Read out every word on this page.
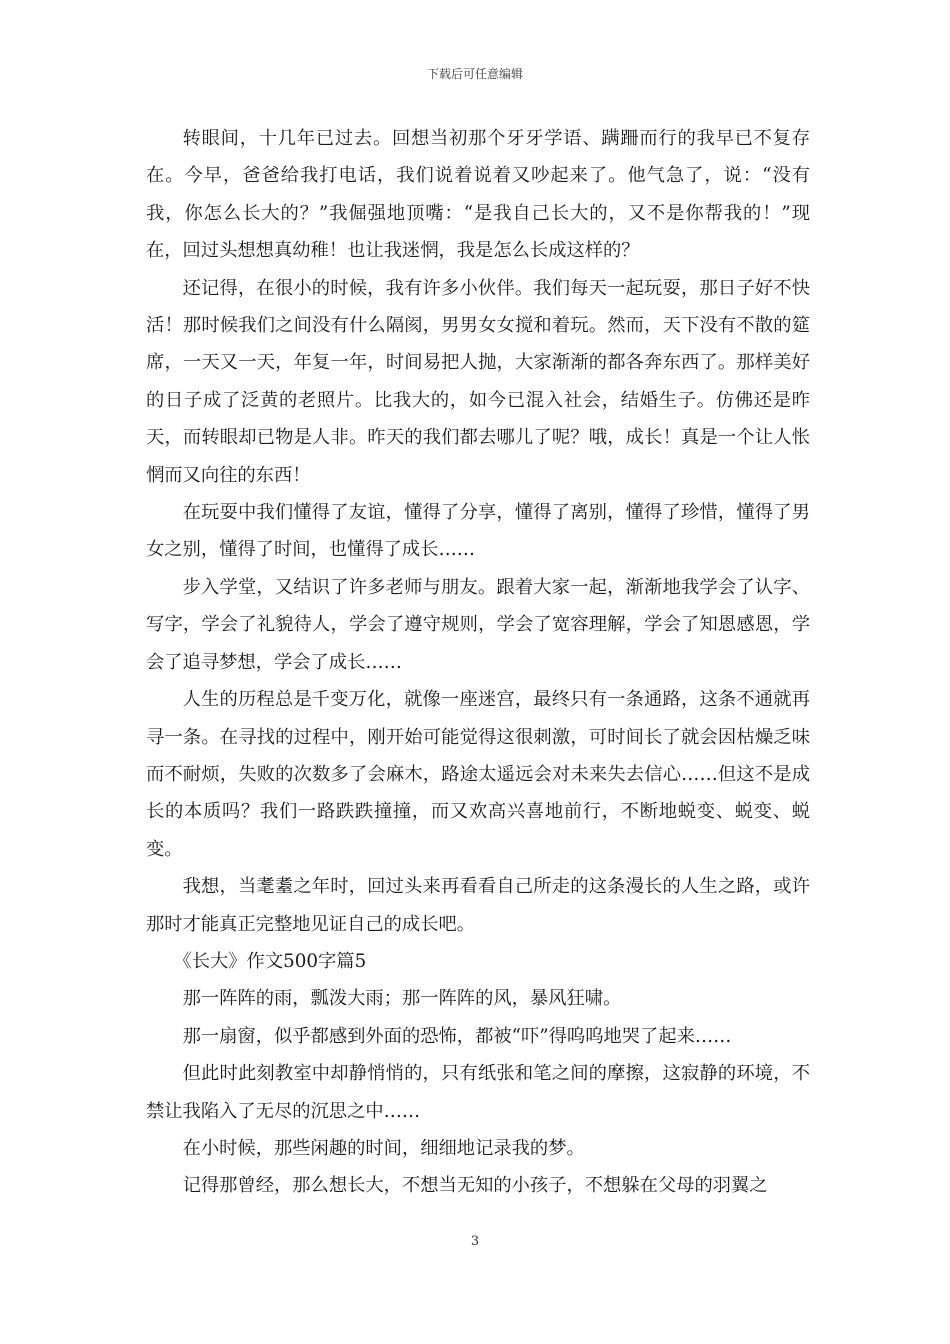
下载后可任意编辑

转眼间，十几年已过去。回想当初那个牙牙学语、蹒跚而行的我早已不复存在。今早，爸爸给我打电话，我们说着说着又吵起来了。他气急了，说：“没有我，你怎么长大的？”我倔强地顶嘴：“是我自己长大的，又不是你帮我的！”现在，回过头想想真幼稚！也让我迷惘，我是怎么长成这样的？

还记得，在很小的时候，我有许多小伙伴。我们每天一起玩耍，那日子好不快活！那时候我们之间没有什么隔阂，男男女女搅和着玩。然而，天下没有不散的筵席，一天又一天，年复一年，时间易把人抛，大家渐渐的都各奔东西了。那样美好的日子成了泛黄的老照片。比我大的，如今已混入社会，结婚生子。仿佛还是昨天，而转眼却已物是人非。昨天的我们都去哪儿了呢？哦，成长！真是一个让人怅惘而又向往的东西！

在玩耍中我们懂得了友谊，懂得了分享，懂得了离别，懂得了珍惜，懂得了男女之别，懂得了时间，也懂得了成长……

步入学堂，又结识了许多老师与朋友。跟着大家一起，渐渐地我学会了认字、写字，学会了礼貌待人，学会了遵守规则，学会了宽容理解，学会了知恩感恩，学会了追寻梦想，学会了成长……

人生的历程总是千变万化，就像一座迷宫，最终只有一条通路，这条不通就再寻一条。在寻找的过程中，刚开始可能觉得这很刺激，可时间长了就会因枯燥乏味而不耐烦，失败的次数多了会麻木，路途太遥远会对未来失去信心……但这不是成长的本质吗？我们一路跌跌撞撞，而又欢高兴喜地前行，不断地蜕变、蜕变、蜕变。

我想，当耄耋之年时，回过头来再看看自己所走的这条漫长的人生之路，或许那时才能真正完整地见证自己的成长吧。

《长大》作文500字篇5

那一阵阵的雨，瓢泼大雨；那一阵阵的风，暴风狂啸。

那一扇窗，似乎都感到外面的恐怖，都被“吓”得呜呜地哭了起来……

但此时此刻教室中却静悄悄的，只有纸张和笔之间的摩擦，这寂静的环境，不禁让我陷入了无尽的沉思之中……

在小时候，那些闲趣的时间，细细地记录我的梦。

记得那曾经，那么想长大，不想当无知的小孩子，不想躲在父母的羽翼之

3
